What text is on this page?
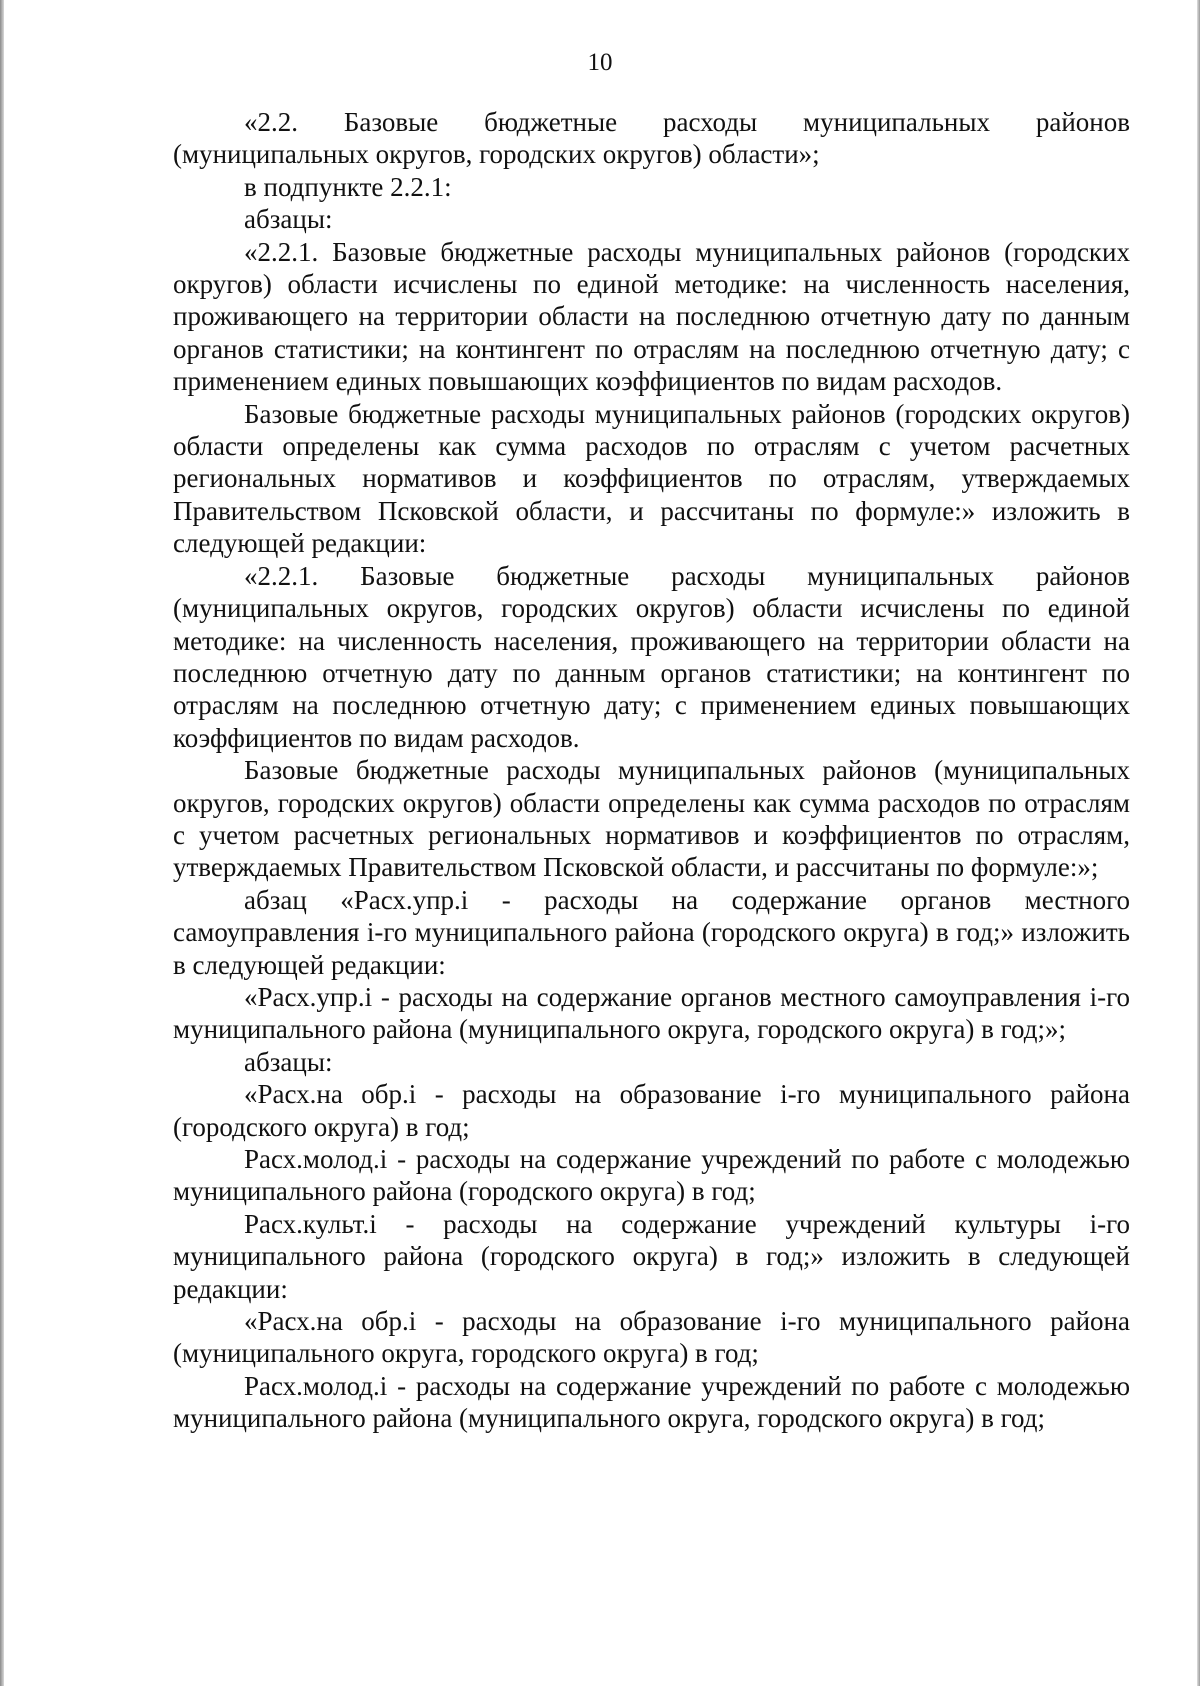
10

«2.2. Базовые бюджетные расходы муниципальных районов (муниципальных округов, городских округов) области»;

в подпункте 2.2.1:

абзацы:

«2.2.1. Базовые бюджетные расходы муниципальных районов (городских округов) области исчислены по единой методике: на численность населения, проживающего на территории области на последнюю отчетную дату по данным органов статистики; на контингент по отраслям на последнюю отчетную дату; с применением единых повышающих коэффициентов по видам расходов.

Базовые бюджетные расходы муниципальных районов (городских округов) области определены как сумма расходов по отраслям с учетом расчетных региональных нормативов и коэффициентов по отраслям, утверждаемых Правительством Псковской области, и рассчитаны по формуле:» изложить в следующей редакции:

«2.2.1. Базовые бюджетные расходы муниципальных районов (муниципальных округов, городских округов) области исчислены по единой методике: на численность населения, проживающего на территории области на последнюю отчетную дату по данным органов статистики; на контингент по отраслям на последнюю отчетную дату; с применением единых повышающих коэффициентов по видам расходов.

Базовые бюджетные расходы муниципальных районов (муниципальных округов, городских округов) области определены как сумма расходов по отраслям с учетом расчетных региональных нормативов и коэффициентов по отраслям, утверждаемых Правительством Псковской области, и рассчитаны по формуле:»;

абзац «Расх.упр.i - расходы на содержание органов местного самоуправления i-го муниципального района (городского округа) в год;» изложить в следующей редакции:

«Расх.упр.i - расходы на содержание органов местного самоуправления i-го муниципального района (муниципального округа, городского округа) в год;»;

абзацы:

«Расх.на обр.i - расходы на образование i-го муниципального района (городского округа) в год;

Расх.молод.i - расходы на содержание учреждений по работе с молодежью муниципального района (городского округа) в год;

Расх.культ.i - расходы на содержание учреждений культуры i-го муниципального района (городского округа) в год;» изложить в следующей редакции:

«Расх.на обр.i - расходы на образование i-го муниципального района (муниципального округа, городского округа) в год;

Расх.молод.i - расходы на содержание учреждений по работе с молодежью муниципального района (муниципального округа, городского округа) в год;
